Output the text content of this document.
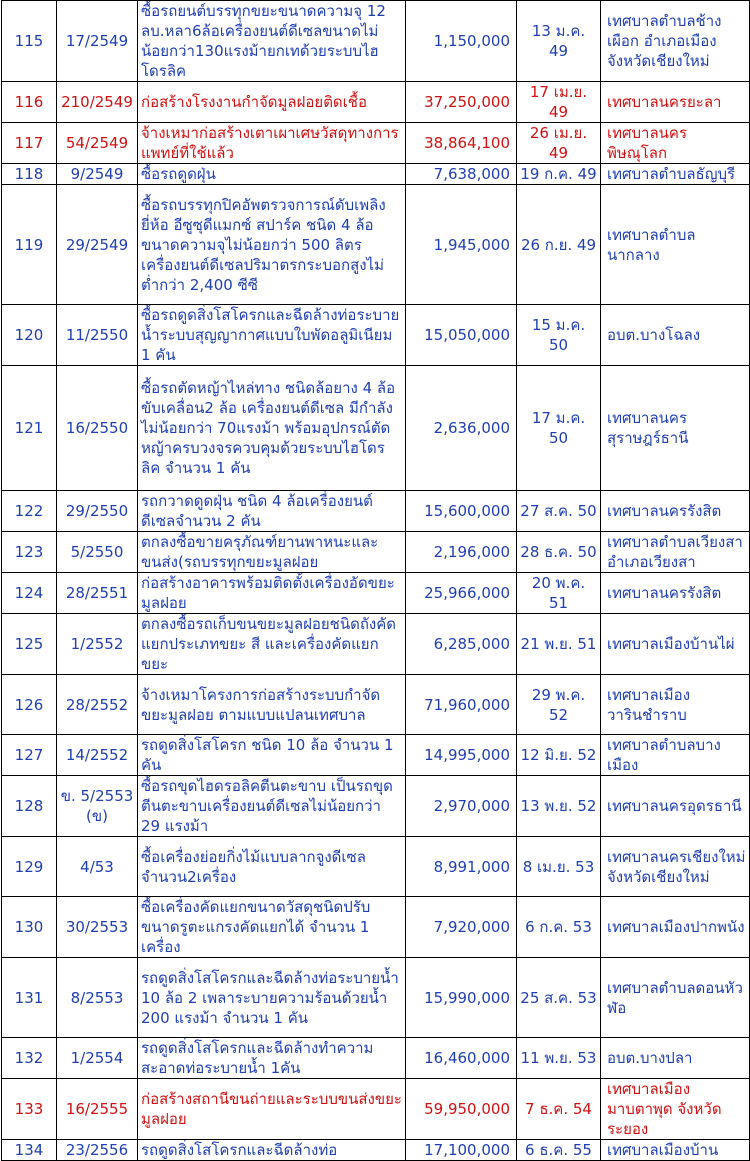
115	17/2549	ซื้อรถยนต์บรรทุกขยะขนาดความจุ 12 ลบ.หลา6ล้อเครื่องยนต์ดีเซลขนาดไม่น้อยกว่า130แรงม้ายกเทด้วยระบบไฮโดรลิค	1,150,000	13 ม.ค. 49	เทศบาลตำบลช้างเผือก อำเภอเมือง จังหวัดเชียงใหม่
116	210/2549	ก่อสร้างโรงงานกำจัดมูลฝอยติดเชื้อ	37,250,000	17 เม.ย. 49	เทศบาลนครยะลา
117	54/2549	จ้างเหมาก่อสร้างเตาเผาเศษวัสดุทางการแพทย์ที่ใช้แล้ว	38,864,100	26 เม.ย. 49	เทศบาลนครพิษณุโลก
118	9/2549	ซื้อรถดูดฝุ่น	7,638,000	19 ก.ค. 49	เทศบาลตำบลธัญบุรี
119	29/2549	ซื้อรถบรรทุกปิคอัพตรวจการณ์ดับเพลิง ยี่ห้อ อีซูซุดีแมกซ์ สปาร์ค ชนิด 4 ล้อขนาดความจุไม่น้อยกว่า 500 ลิตร เครื่องยนต์ดีเซลปริมาตรกระบอกสูงไม่ต่ำกว่า 2,400 ซีซี	1,945,000	26 ก.ย. 49	เทศบาลตำบลนากลาง
120	11/2550	ซื้อรถดูดสิ่งโสโครกและฉีดล้างท่อระบายน้ำระบบสุญญากาศแบบใบพัดอลูมิเนียม 1 คัน	15,050,000	15 ม.ค. 50	อบต.บางโฉลง
121	16/2550	ซื้อรถตัดหญ้าไหล่ทาง ชนิดล้อยาง 4 ล้อ ขับเคลื่อน2 ล้อ เครื่องยนต์ดีเซล มีกำลังไม่น้อยกว่า 70แรงม้า พร้อมอุปกรณ์ตัดหญ้าครบวงจรควบคุมด้วยระบบไฮโดรลิค จำนวน 1 คัน	2,636,000	17 ม.ค. 50	เทศบาลนครสุราษฎร์ธานี
122	29/2550	รถกวาดดูดฝุ่น ชนิด 4 ล้อเครื่องยนต์ดีเซลจำนวน 2 คัน	15,600,000	27 ส.ค. 50	เทศบาลนครรังสิต
123	5/2550	ตกลงซื้อขายครุภัณฑ์ยานพาหนะและขนส่ง(รถบรรทุกขยะมูลฝอย	2,196,000	28 ธ.ค. 50	เทศบาลตำบลเวียงสา อำเภอเวียงสา
124	28/2551	ก่อสร้างอาคารพร้อมติดตั้งเครื่องอัดขยะมูลฝอย	25,966,000	20 พ.ค. 51	เทศบาลนครรังสิต
125	1/2552	ตกลงซื้อรถเก็บขนขยะมูลฝอยชนิดถังคัดแยกประเภทขยะ สี และเครื่องคัดแยกขยะ	6,285,000	21 พ.ย. 51	เทศบาลเมืองบ้านไผ่
126	28/2552	จ้างเหมาโครงการก่อสร้างระบบกำจัดขยะมูลฝอย ตามแบบแปลนเทศบาล	71,960,000	29 พ.ค. 52	เทศบาลเมืองวารินชำราบ
127	14/2552	รถดูดสิ่งโสโครก ชนิด 10 ล้อ จำนวน 1 คัน	14,995,000	12 มิ.ย. 52	เทศบาลตำบลบางเมือง
128	ข. 5/2553(ข)	ซื้อรถขุดไฮดรอลิคตีนตะขาบ เป็นรถขุดตีนตะขาบเครื่องยนต์ดีเซลไม่น้อยกว่า 29 แรงม้า	2,970,000	13 พ.ย. 52	เทศบาลนครอุดรธานี
129	4/53	ซื้อเครื่องย่อยกิ่งไม้แบบลากจูงดีเซลจำนวน2เครื่อง	8,991,000	8 เม.ย. 53	เทศบาลนครเชียงใหม่ จังหวัดเชียงใหม่
130	30/2553	ซื้อเครื่องคัดแยกขนาดวัสดุชนิดปรับขนาดรูตะแกรงคัดแยกได้ จำนวน 1 เครื่อง	7,920,000	6 ก.ค. 53	เทศบาลเมืองปากพนัง
131	8/2553	รถดูดสิ่งโสโครกและฉีดล้างท่อระบายน้ำ 10 ล้อ 2 เพลาระบายความร้อนด้วยน้ำ 200 แรงม้า จำนวน 1 คัน	15,990,000	25 ส.ค. 53	เทศบาลตำบลดอนหัวฬ่อ
132	1/2554	รถดูดสิ่งโสโครกและฉีดล้างทำความสะอาดท่อระบายน้ำ 1คัน	16,460,000	11 พ.ย. 53	อบต.บางปลา
133	16/2555	ก่อสร้างสถานีขนถ่ายและระบบขนส่งขยะมูลฝอย	59,950,000	7 ธ.ค. 54	เทศบาลเมืองมาบตาพุด จังหวัดระยอง
134	23/2556	รถดูดสิ่งโสโครกและฉีดล้างท่อ	17,100,000	6 ธ.ค. 55	เทศบาลเมืองบ้าน
